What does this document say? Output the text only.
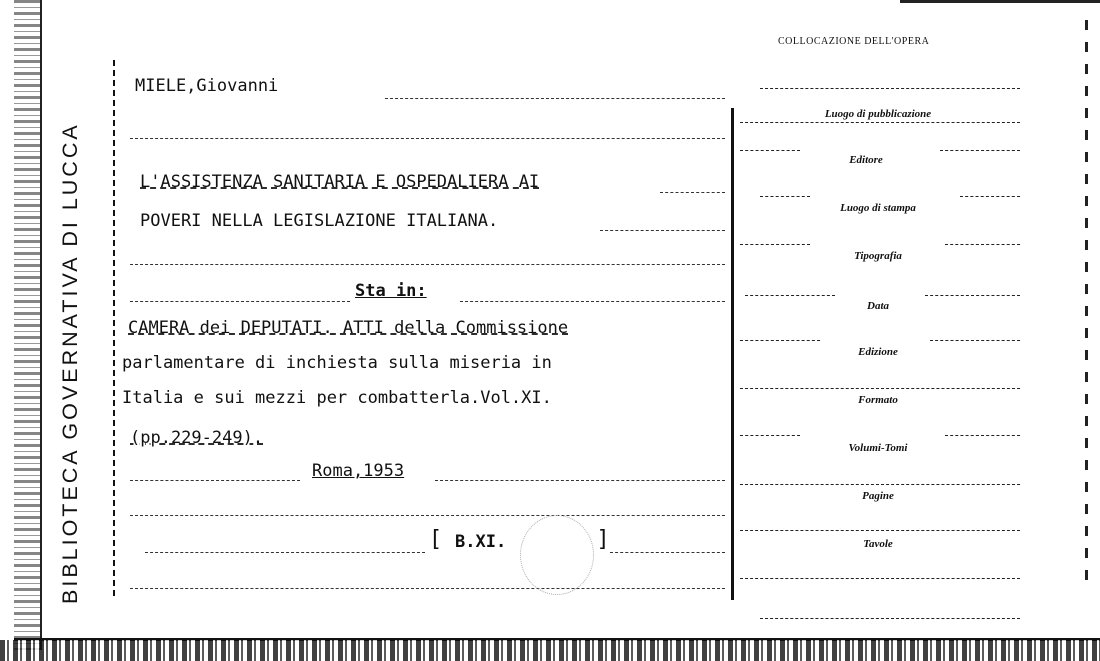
BIBLIOTECA GOVERNATIVA DI LUCCA
COLLOCAZIONE DELL'OPERA
MIELE,Giovanni
L'ASSISTENZA SANITARIA E OSPEDALIERA AI
POVERI NELLA LEGISLAZIONE ITALIANA.
Sta in:
CAMERA dei DEPUTATI. ATTI della Commissione
parlamentare di inchiesta sulla miseria in
Italia e sui mezzi per combatterla.Vol.XI.
(pp.229-249).
Roma,1953
[ B.XI.	]
Luogo di pubblicazione
Editore
Luogo di stampa
Tipografia
Data
Edizione
Formato
Volumi-Tomi
Pagine
Tavole
